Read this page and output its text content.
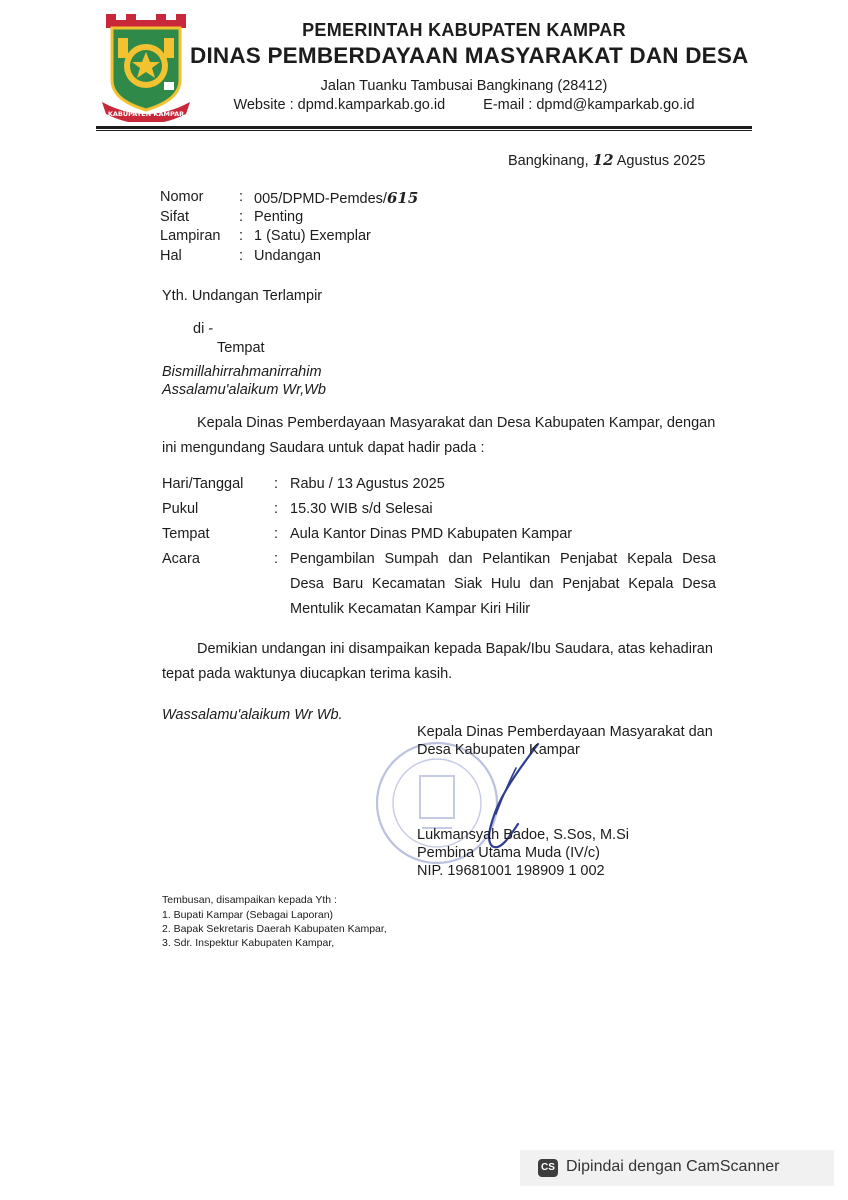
KABUPATEN KAMPAR
PEMERINTAH KABUPATEN KAMPAR
DINAS PEMBERDAYAAN MASYARAKAT DAN DESA
Jalan Tuanku Tambusai Bangkinang (28412)
Website : dpmd.kamparkab.go.id	E-mail : dpmd@kamparkab.go.id
Bangkinang, 12 Agustus 2025
Nomor : 005/DPMD-Pemdes/615
Sifat	: Penting
Lampiran : 1 (Satu) Exemplar
Hal	: Undangan
Yth. Undangan Terlampir
di -
Tempat
Bismillahirrahmanirrahim
Assalamu'alaikum Wr,Wb
Kepala Dinas Pemberdayaan Masyarakat dan Desa Kabupaten Kampar, dengan
ini mengundang Saudara untuk dapat hadir pada :
Hari/Tanggal : Rabu / 13 Agustus 2025
Pukul	: 15.30 WIB s/d Selesai
Tempat	: Aula Kantor Dinas PMD Kabupaten Kampar
Acara	: Pengambilan Sumpah dan Pelantikan Penjabat Kepala Desa
Desa Baru Kecamatan Siak Hulu dan Penjabat Kepala Desa
Mentulik Kecamatan Kampar Kiri Hilir
Demikian undangan ini disampaikan kepada Bapak/Ibu Saudara, atas kehadiran
tepat pada waktunya diucapkan terima kasih.
Wassalamu'alaikum Wr Wb.
Kepala Dinas Pemberdayaan Masyarakat dan
Desa Kabupaten Kampar
Lukmansyah Badoe, S.Sos, M.Si
Pembina Utama Muda (IV/c)
NIP. 19681001 198909 1 002
Tembusan, disampaikan kepada Yth :
1. Bupati Kampar (Sebagai Laporan)
2. Bapak Sekretaris Daerah Kabupaten Kampar,
3. Sdr. Inspektur Kabupaten Kampar,
CS Dipindai dengan CamScanner
